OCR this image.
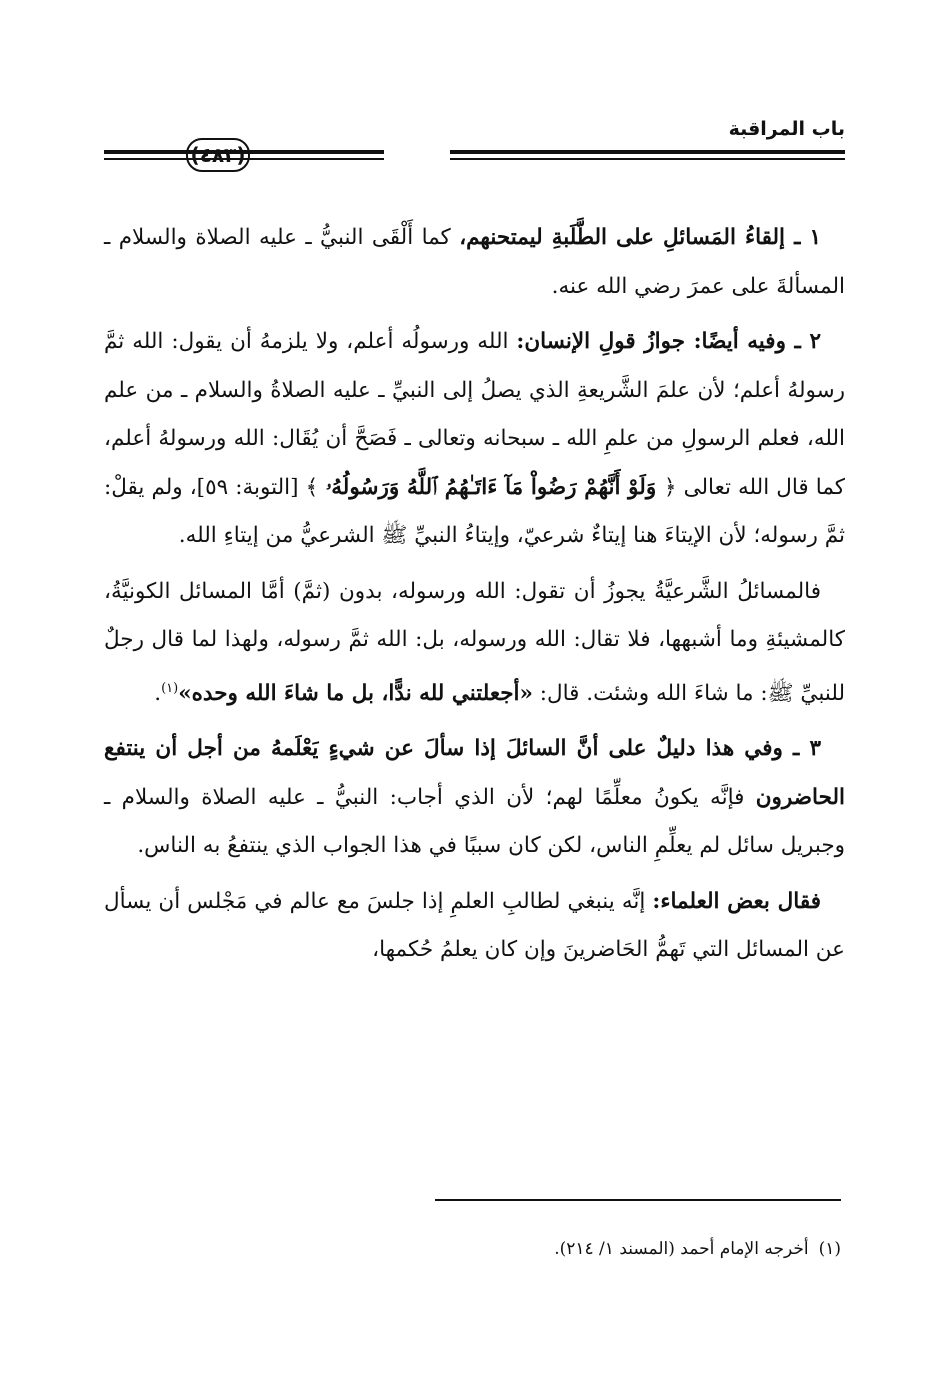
باب المراقبة
(٤٨٣)

١ ـ إلقاءُ المَسائلِ على الطَّلَبةِ ليمتحنهم، كما أَلْقَى النبيُّ ـ عليه الصلاة والسلام ـ المسألةَ على عمرَ رضي الله عنه.

٢ ـ وفيه أيضًا: جوازُ قولِ الإنسان: الله ورسولُه أعلم، ولا يلزمهُ أن يقول: الله ثمَّ رسولهُ أعلم؛ لأن علمَ الشَّريعةِ الذي يصلُ إلى النبيِّ ـ عليه الصلاةُ والسلام ـ من علم الله، فعلم الرسولِ من علمِ الله ـ سبحانه وتعالى ـ فَصَحَّ أن يُقَال: الله ورسولهُ أعلم، كما قال الله تعالى ﴿ وَلَوْ أَنَّهُمْ رَضُواْ مَآ ءَاتَـٰهُمُ ٱللَّهُ وَرَسُولُهُۥ ﴾ [التوبة: ٥٩]، ولم يقلْ: ثمَّ رسوله؛ لأن الإيتاءَ هنا إيتاءٌ شرعيّ، وإيتاءُ النبيِّ ﷺ الشرعيُّ من إيتاءِ الله.

فالمسائلُ الشَّرعيَّةُ يجوزُ أن تقول: الله ورسوله، بدون (ثمَّ) أمَّا المسائل الكونيَّةُ، كالمشيئةِ وما أشبهها، فلا تقال: الله ورسوله، بل: الله ثمَّ رسوله، ولهذا لما قال رجلٌ للنبيِّ ﷺ: ما شاءَ الله وشئت. قال: «أجعلتني لله ندًّا، بل ما شاءَ الله وحده»$^{(١)}$.

٣ ـ وفي هذا دليلٌ على أنَّ السائلَ إذا سألَ عن شيءٍ يَعْلَمهُ من أجل أن ينتفع الحاضرون فإنَّه يكونُ معلِّمًا لهم؛ لأن الذي أجاب: النبيُّ ـ عليه الصلاة والسلام ـ وجبريل سائل لم يعلِّمِ الناس، لكن كان سببًا في هذا الجواب الذي ينتفعُ به الناس.

فقال بعض العلماء: إنَّه ينبغي لطالبِ العلمِ إذا جلسَ مع عالم في مَجْلس أن يسأل عن المسائل التي تَهمُّ الحَاضرينَ وإن كان يعلمُ حُكمها،

(١)أخرجه الإمام أحمد (المسند ١/ ٢١٤).
